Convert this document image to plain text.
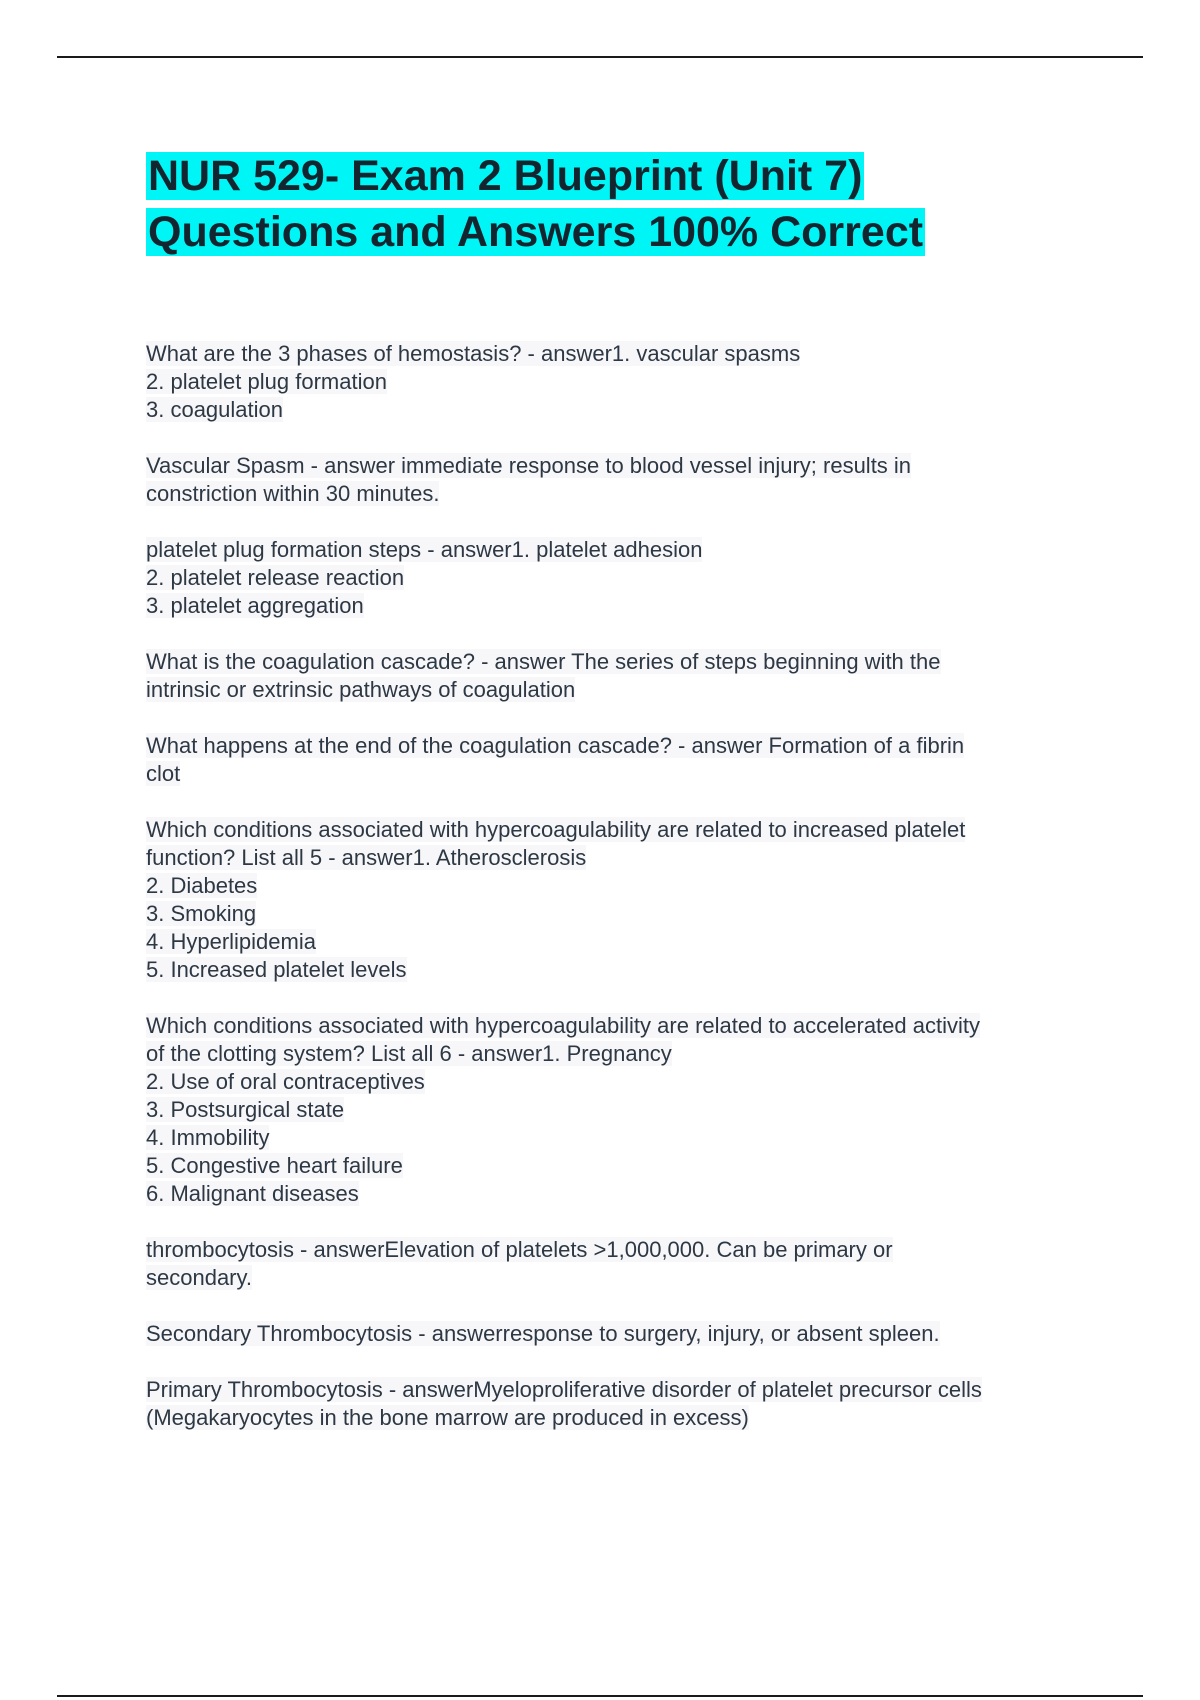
NUR 529- Exam 2 Blueprint (Unit 7)
Questions and Answers 100% Correct

What are the 3 phases of hemostasis? - answer1. vascular spasms

2. platelet plug formation

3. coagulation

Vascular Spasm - answer immediate response to blood vessel injury; results in

constriction within 30 minutes.

platelet plug formation steps - answer1. platelet adhesion

2. platelet release reaction

3. platelet aggregation

What is the coagulation cascade? - answer The series of steps beginning with the

intrinsic or extrinsic pathways of coagulation

What happens at the end of the coagulation cascade? - answer Formation of a fibrin

clot

Which conditions associated with hypercoagulability are related to increased platelet

function? List all 5 - answer1. Atherosclerosis

2. Diabetes

3. Smoking

4. Hyperlipidemia

5. Increased platelet levels

Which conditions associated with hypercoagulability are related to accelerated activity

of the clotting system? List all 6 - answer1. Pregnancy

2. Use of oral contraceptives

3. Postsurgical state

4. Immobility

5. Congestive heart failure

6. Malignant diseases

thrombocytosis - answerElevation of platelets >1,000,000. Can be primary or

secondary.

Secondary Thrombocytosis - answerresponse to surgery, injury, or absent spleen.

Primary Thrombocytosis - answerMyeloproliferative disorder of platelet precursor cells

(Megakaryocytes in the bone marrow are produced in excess)
